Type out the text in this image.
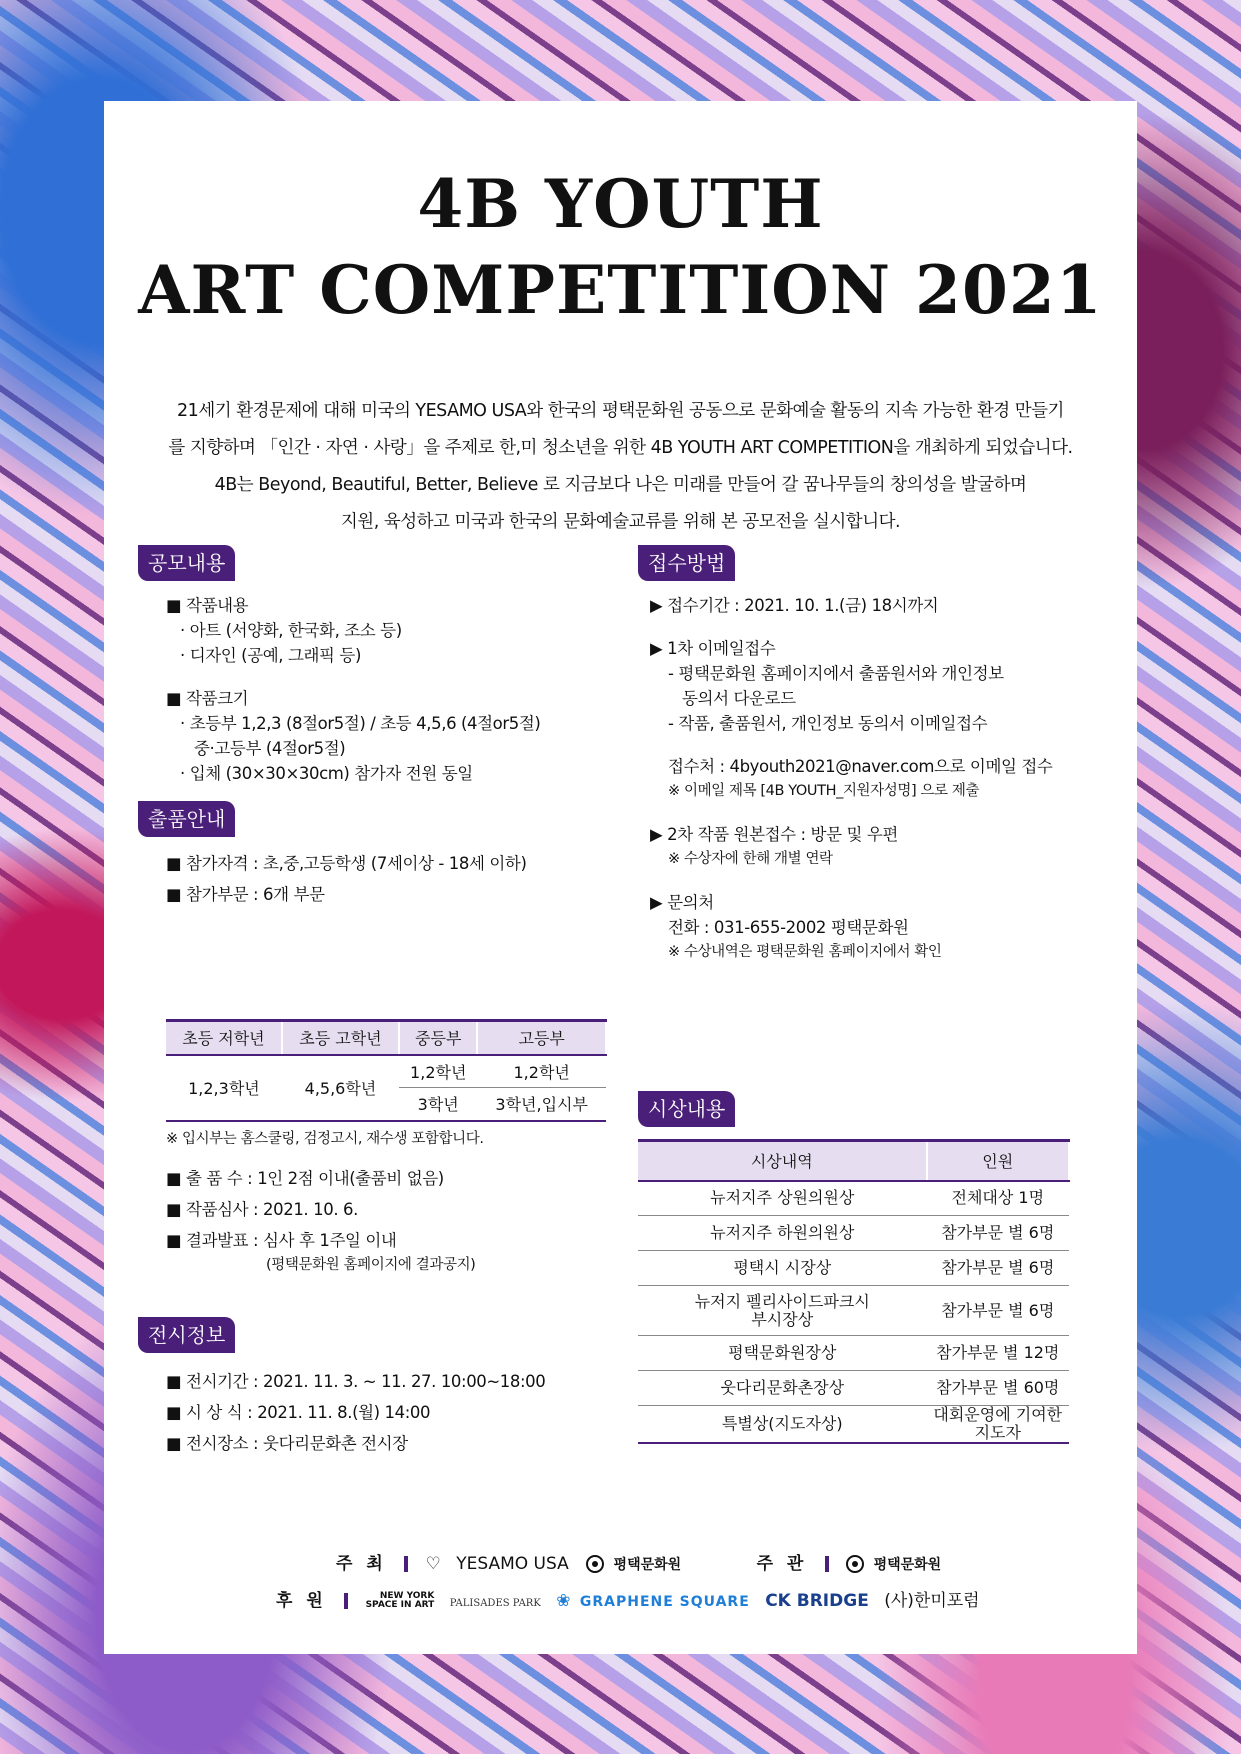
4B YOUTH
ART COMPETITION 2021
21세기 환경문제에 대해 미국의 YESAMO USA와 한국의 평택문화원 공동으로 문화예술 활동의 지속 가능한 환경 만들기
를 지향하며 「인간 · 자연 · 사랑」을 주제로 한,미 청소년을 위한 4B YOUTH ART COMPETITION을 개최하게 되었습니다.
4B는 Beyond, Beautiful, Better, Believe 로 지금보다 나은 미래를 만들어 갈 꿈나무들의 창의성을 발굴하며
지원, 육성하고 미국과 한국의 문화예술교류를 위해 본 공모전을 실시합니다.
공모내용
■ 작품내용
· 아트 (서양화, 한국화, 조소 등)
· 디자인 (공예, 그래픽 등)
■ 작품크기
· 초등부 1,2,3 (8절or5절) / 초등 4,5,6 (4절or5절)
중·고등부 (4절or5절)
· 입체 (30×30×30cm) 참가자 전원 동일
출품안내
■ 참가자격 : 초,중,고등학생 (7세이상 - 18세 이하)
■ 참가부문 : 6개 부문
초등 저학년	초등 고학년	중등부	고등부
1,2,3학년	4,5,6학년	1,2학년	1,2학년
		3학년	3학년,입시부
※ 입시부는 홈스쿨링, 검정고시, 재수생 포함합니다.
■ 출 품 수 : 1인 2점 이내(출품비 없음)
■ 작품심사 : 2021. 10. 6.
■ 결과발표 : 심사 후 1주일 이내
(평택문화원 홈페이지에 결과공지)
전시정보
■ 전시기간 : 2021. 11. 3. ~ 11. 27. 10:00~18:00
■ 시 상 식 : 2021. 11. 8.(월) 14:00
■ 전시장소 : 웃다리문화촌 전시장
접수방법
▶ 접수기간 : 2021. 10. 1.(금) 18시까지
▶ 1차 이메일접수
- 평택문화원 홈페이지에서 출품원서와 개인정보
동의서 다운로드
- 작품, 출품원서, 개인정보 동의서 이메일접수
접수처 : 4byouth2021@naver.com으로 이메일 접수
※ 이메일 제목 [4B YOUTH_지원자성명] 으로 제출
▶ 2차 작품 원본접수 : 방문 및 우편
※ 수상자에 한해 개별 연락
▶ 문의처
전화 : 031-655-2002 평택문화원
※ 수상내역은 평택문화원 홈페이지에서 확인
시상내용
시상내역	인원
뉴저지주 상원의원상	전체대상 1명
뉴저지주 하원의원상	참가부문 별 6명
평택시 시장상	참가부문 별 6명
뉴저지 펠리사이드파크시 부시장상	참가부문 별 6명
평택문화원장상	참가부문 별 12명
웃다리문화촌장상	참가부문 별 60명
특별상(지도자상)	대회운영에 기여한 지도자
주 최 ♡ YESAMO USA	평택문화원	주 관	평택문화원
후 원	NEW YORK
SPACE IN ART PALISADES PARK ❀ GRAPHENE SQUARE CK BRIDGE (사)한미포럼
